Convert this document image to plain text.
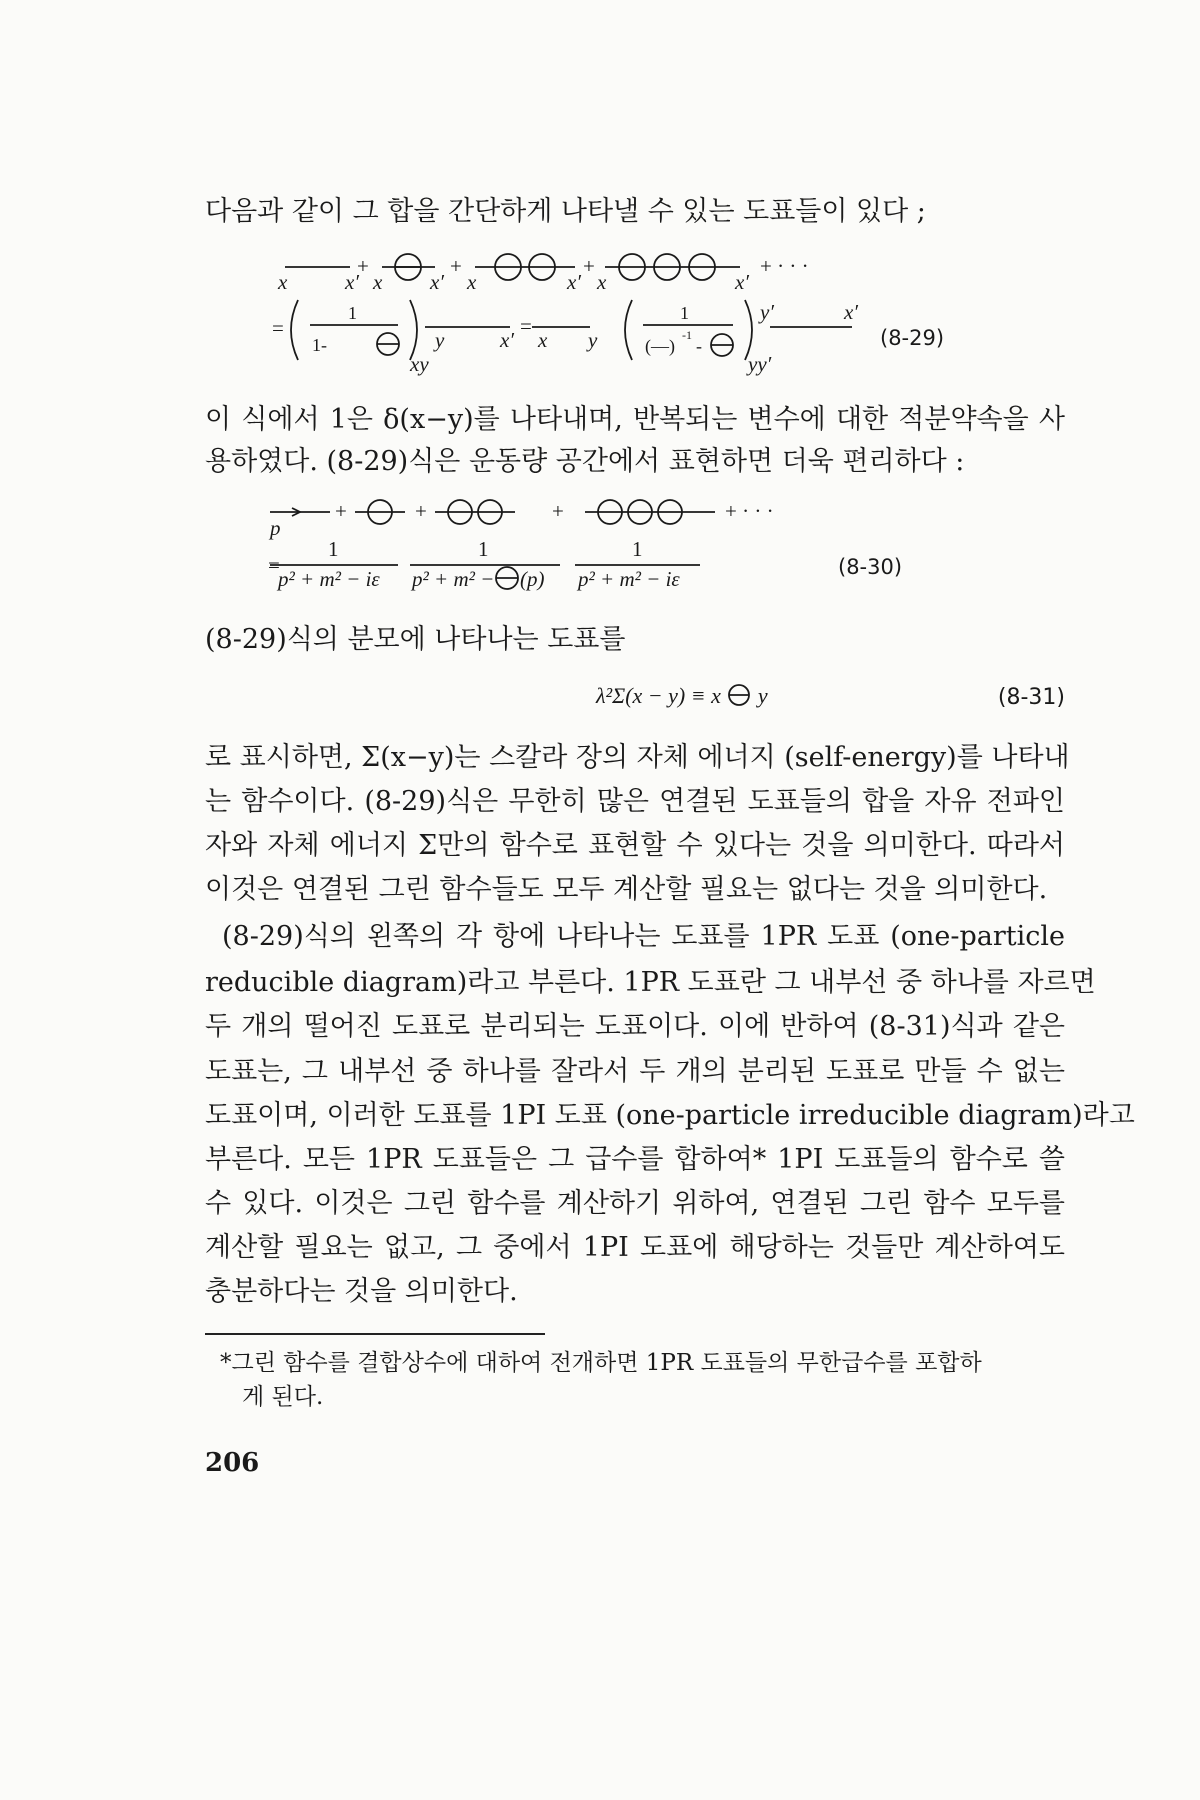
다음과 같이 그 합을 간단하게 나타낼 수 있는 도표들이 있다 ;
x	x′ x x′ x	x′ x	x′
+	+	+	+ · · ·
=
1
1-
xy
y	x′
=
x y
1
(—)
-1
-
y′	x′
yy′
(8-29)
이 식에서 1은 δ(x−y)를 나타내며, 반복되는 변수에 대한 적분약속을 사
용하였다. (8-29)식은 운동량 공간에서 표현하면 더욱 편리하다 :
p
+	+	+	+ · · ·
=
1	1	1
p² + m² − iε p² + m² − (p) p² + m² − iε	(8-30)
(8-29)식의 분모에 나타나는 도표를
λ²Σ(x − y) ≡ x y	(8-31)
로 표시하면, Σ(x−y)는 스칼라 장의 자체 에너지 (self-energy)를 나타내
는 함수이다. (8-29)식은 무한히 많은 연결된 도표들의 합을 자유 전파인
자와 자체 에너지 Σ만의 함수로 표현할 수 있다는 것을 의미한다. 따라서
이것은 연결된 그린 함수들도 모두 계산할 필요는 없다는 것을 의미한다.
(8-29)식의 왼쪽의 각 항에 나타나는 도표를 1PR 도표 (one-particle
reducible diagram)라고 부른다. 1PR 도표란 그 내부선 중 하나를 자르면
두 개의 떨어진 도표로 분리되는 도표이다. 이에 반하여 (8-31)식과 같은
도표는, 그 내부선 중 하나를 잘라서 두 개의 분리된 도표로 만들 수 없는
도표이며, 이러한 도표를 1PI 도표 (one-particle irreducible diagram)라고
부른다. 모든 1PR 도표들은 그 급수를 합하여* 1PI 도표들의 함수로 쓸
수 있다. 이것은 그린 함수를 계산하기 위하여, 연결된 그린 함수 모두를
계산할 필요는 없고, 그 중에서 1PI 도표에 해당하는 것들만 계산하여도
충분하다는 것을 의미한다.
*그린 함수를 결합상수에 대하여 전개하면 1PR 도표들의 무한급수를 포합하
게 된다.
206
